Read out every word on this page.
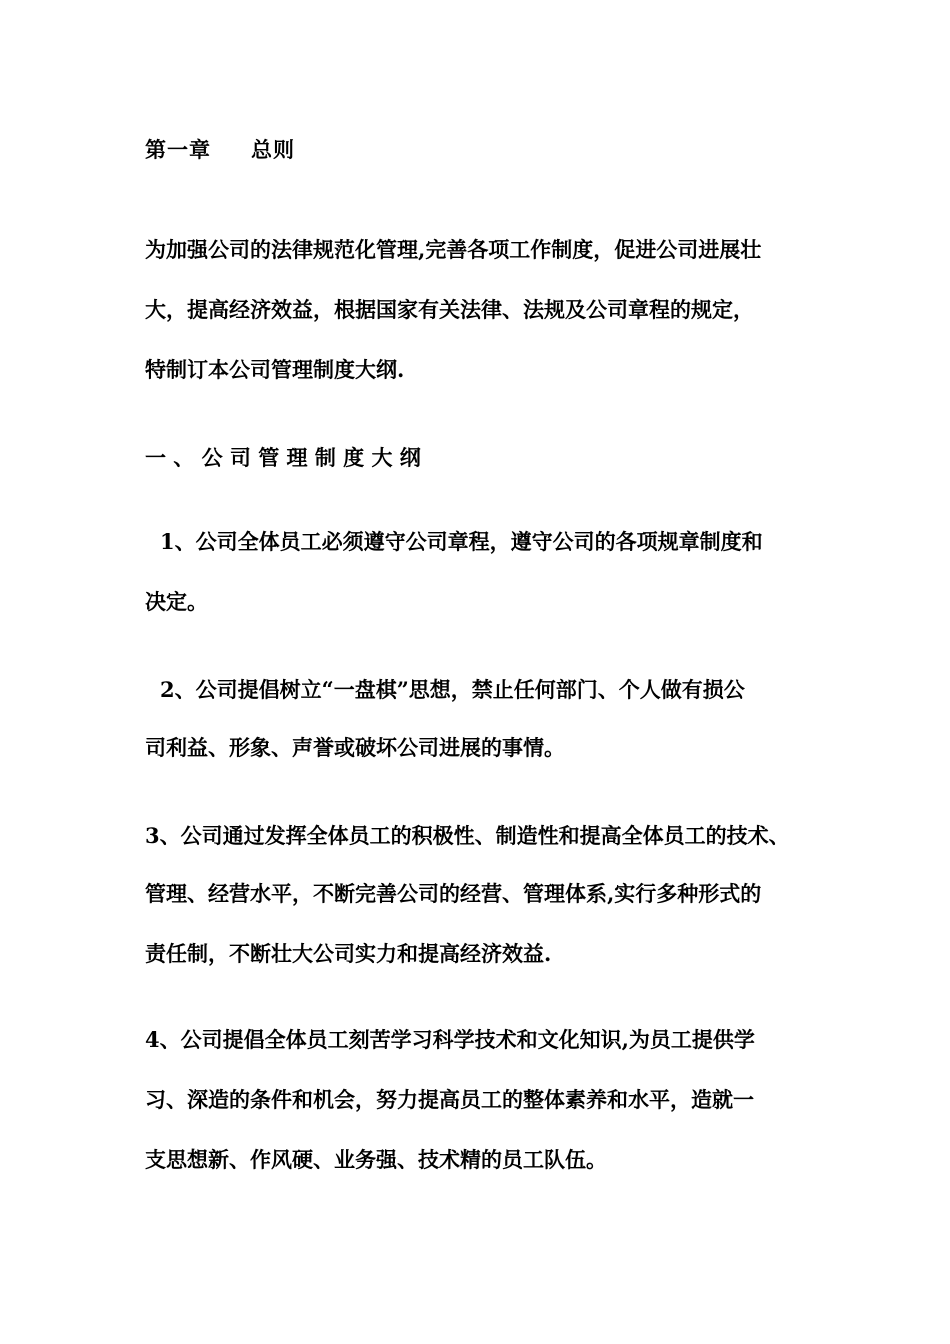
第一章 总则

为加强公司的法律规范化管理,完善各项工作制度，促进公司进展壮

大，提高经济效益，根据国家有关法律、法规及公司章程的规定，

特制订本公司管理制度大纲.

一 、 公 司 管 理 制 度 大 纲

1、公司全体员工必须遵守公司章程，遵守公司的各项规章制度和

决定。

2、公司提倡树立“一盘棋”思想，禁止任何部门、个人做有损公

司利益、形象、声誉或破坏公司进展的事情。

3、公司通过发挥全体员工的积极性、制造性和提高全体员工的技术、

管理、经营水平，不断完善公司的经营、管理体系,实行多种形式的

责任制，不断壮大公司实力和提高经济效益.

4、公司提倡全体员工刻苦学习科学技术和文化知识,为员工提供学

习、深造的条件和机会，努力提高员工的整体素养和水平，造就一

支思想新、作风硬、业务强、技术精的员工队伍。
